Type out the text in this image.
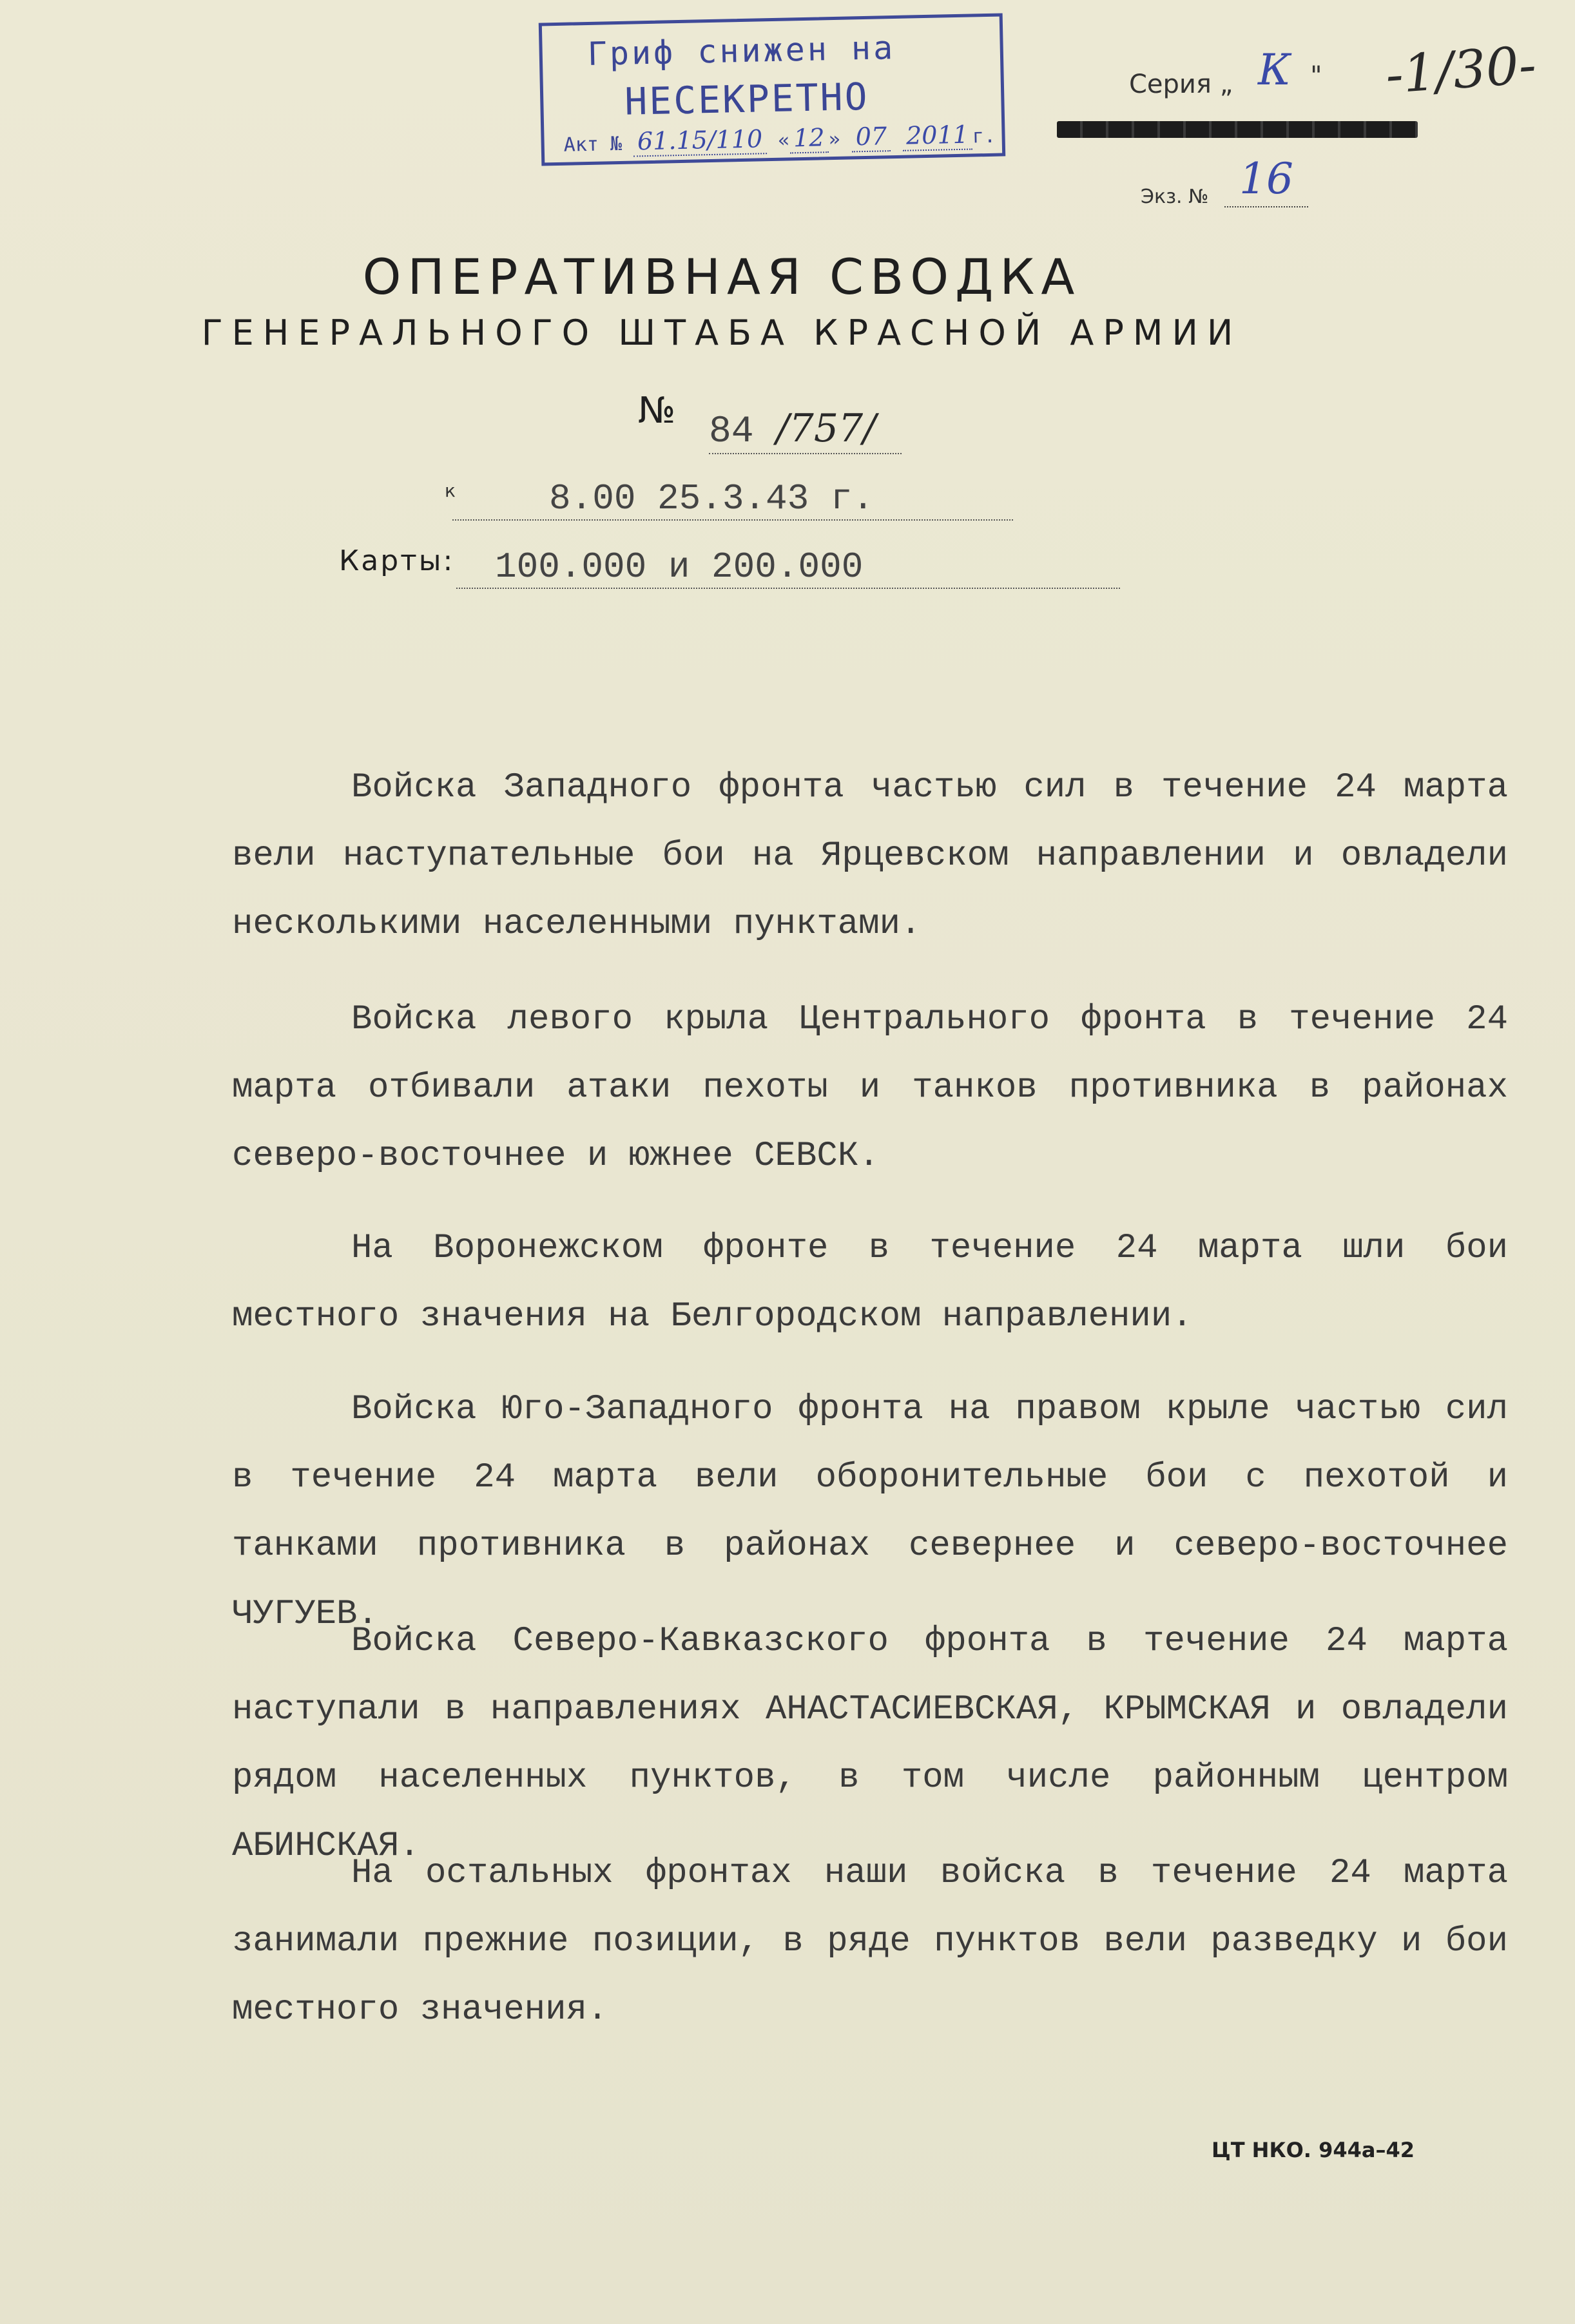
Гриф снижен на
НЕСЕКРЕТНО
Акт № 61.15/110 « 12 » 07 2011 г.
Серия „ К " -1/30-
Экз. № 16
ОПЕРАТИВНАЯ СВОДКА
ГЕНЕРАЛЬНОГО ШТАБА КРАСНОЙ АРМИИ
№
84 /757/
к	8.00 25.3.43 г.
Карты:	100.000 и 200.000
Войска Западного фронта частью сил в течение 24 марта вели наступательные бои на Ярцевском направлении и овладели несколькими населенными пунктами.
Войска левого крыла Центрального фронта в течение 24 марта отбивали атаки пехоты и танков противника в районах северо-восточнее и южнее СЕВСК.
На Воронежском фронте в течение 24 марта шли бои местного значения на Белгородском направлении.
Войска Юго-Западного фронта на правом крыле частью сил в течение 24 марта вели оборонительные бои с пехотой и танками противника в районах севернее и северо-восточнее ЧУГУЕВ.
Войска Северо-Кавказского фронта в течение 24 марта наступали в направлениях АНАСТАСИЕВСКАЯ, КРЫМСКАЯ и овладели рядом населенных пунктов, в том числе районным центром АБИНСКАЯ.
На остальных фронтах наши войска в течение 24 марта занимали прежние позиции, в ряде пунктов вели разведку и бои местного значения.
ЦТ НКО. 944а–42
